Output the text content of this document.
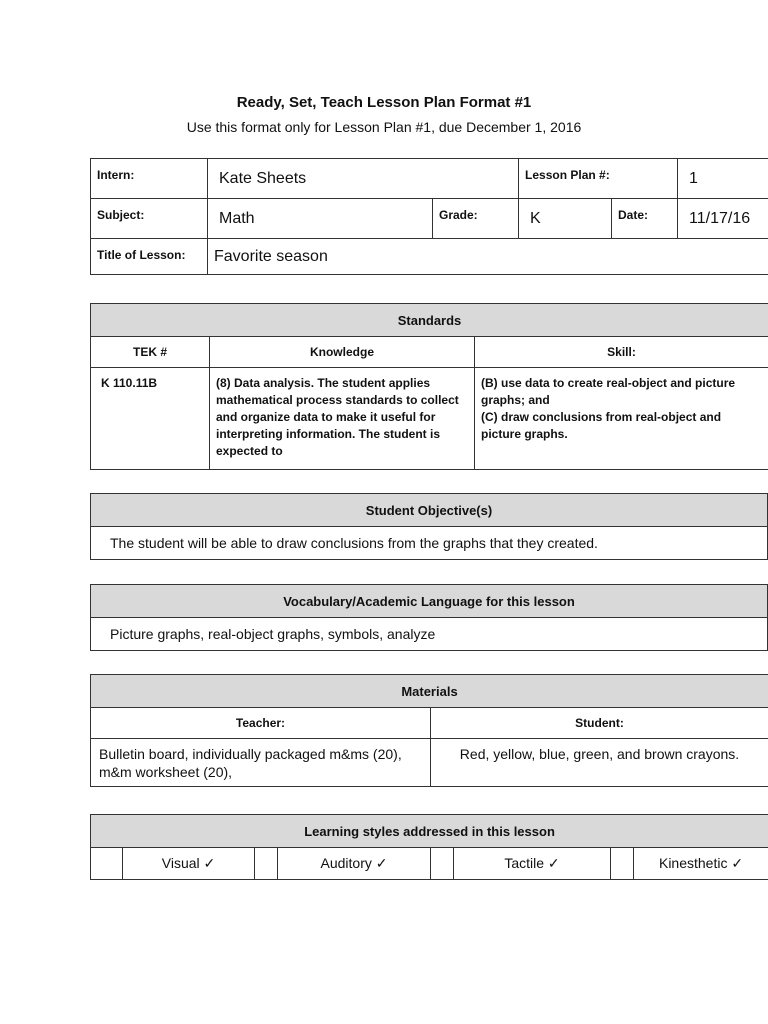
Ready, Set, Teach Lesson Plan Format #1
Use this format only for Lesson Plan #1, due December 1, 2016
Intern:	Kate Sheets		Lesson Plan #:		1
Subject:	Math	Grade:	K	Date:	11/17/16
Title of Lesson:	Favorite season				
Standards		
TEK #	Knowledge	Skill:
K 110.11B	(8) Data analysis. The student applies mathematical process standards to collect and organize data to make it useful for interpreting information. The student is expected to	(B) use data to create real-object and picture graphs; and
(C) draw conclusions from real-object and picture graphs.
Student Objective(s)
The student will be able to draw conclusions from the graphs that they created.
Vocabulary/Academic Language for this lesson
Picture graphs, real-object graphs, symbols, analyze
Materials	
Teacher:	Student:
Bulletin board, individually packaged m&ms (20), m&m worksheet (20),	Red, yellow, blue, green, and brown crayons.
Learning styles addressed in this lesson
	Visual ✓		Auditory ✓		Tactile ✓		Kinesthetic ✓
